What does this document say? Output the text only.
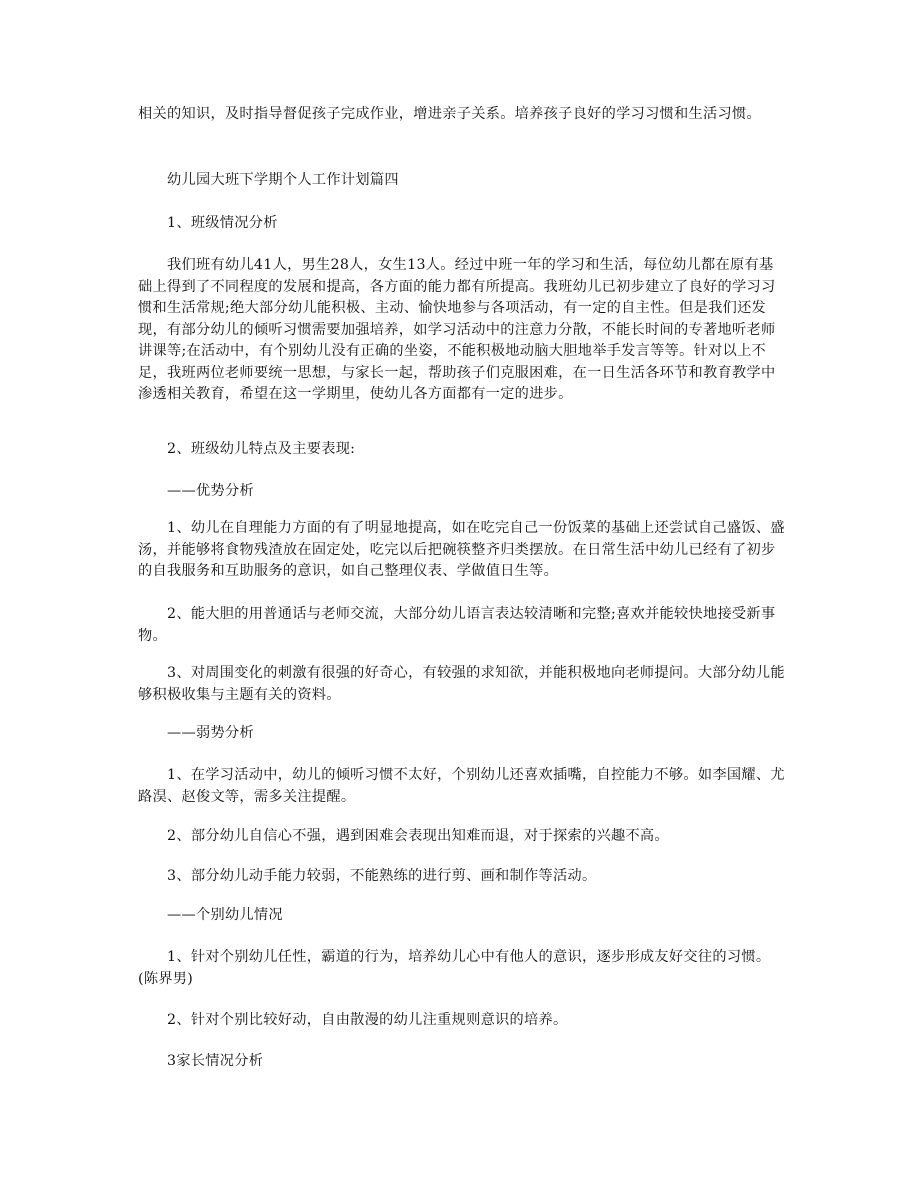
相关的知识，及时指导督促孩子完成作业，增进亲子关系。培养孩子良好的学习习惯和生活习惯。

幼儿园大班下学期个人工作计划篇四

1、班级情况分析

我们班有幼儿41人，男生28人，女生13人。经过中班一年的学习和生活，每位幼儿都在原有基础上得到了不同程度的发展和提高，各方面的能力都有所提高。我班幼儿已初步建立了良好的学习习惯和生活常规;绝大部分幼儿能积极、主动、愉快地参与各项活动，有一定的自主性。但是我们还发现，有部分幼儿的倾听习惯需要加强培养，如学习活动中的注意力分散，不能长时间的专著地听老师讲课等;在活动中，有个别幼儿没有正确的坐姿，不能积极地动脑大胆地举手发言等等。针对以上不足，我班两位老师要统一思想，与家长一起，帮助孩子们克服困难，在一日生活各环节和教育教学中渗透相关教育，希望在这一学期里，使幼儿各方面都有一定的进步。

2、班级幼儿特点及主要表现:

——优势分析

1、幼儿在自理能力方面的有了明显地提高，如在吃完自己一份饭菜的基础上还尝试自己盛饭、盛汤，并能够将食物残渣放在固定处，吃完以后把碗筷整齐归类摆放。在日常生活中幼儿已经有了初步的自我服务和互助服务的意识，如自己整理仪表、学做值日生等。

2、能大胆的用普通话与老师交流，大部分幼儿语言表达较清晰和完整;喜欢并能较快地接受新事物。

3、对周围变化的刺激有很强的好奇心，有较强的求知欲，并能积极地向老师提问。大部分幼儿能够积极收集与主题有关的资料。

——弱势分析

1、在学习活动中，幼儿的倾听习惯不太好，个别幼儿还喜欢插嘴，自控能力不够。如李国耀、尤路淏、赵俊文等，需多关注提醒。

2、部分幼儿自信心不强，遇到困难会表现出知难而退，对于探索的兴趣不高。

3、部分幼儿动手能力较弱，不能熟练的进行剪、画和制作等活动。

——个别幼儿情况

1、针对个别幼儿任性，霸道的行为，培养幼儿心中有他人的意识，逐步形成友好交往的习惯。(陈界男)

2、针对个别比较好动，自由散漫的幼儿注重规则意识的培养。

3家长情况分析
